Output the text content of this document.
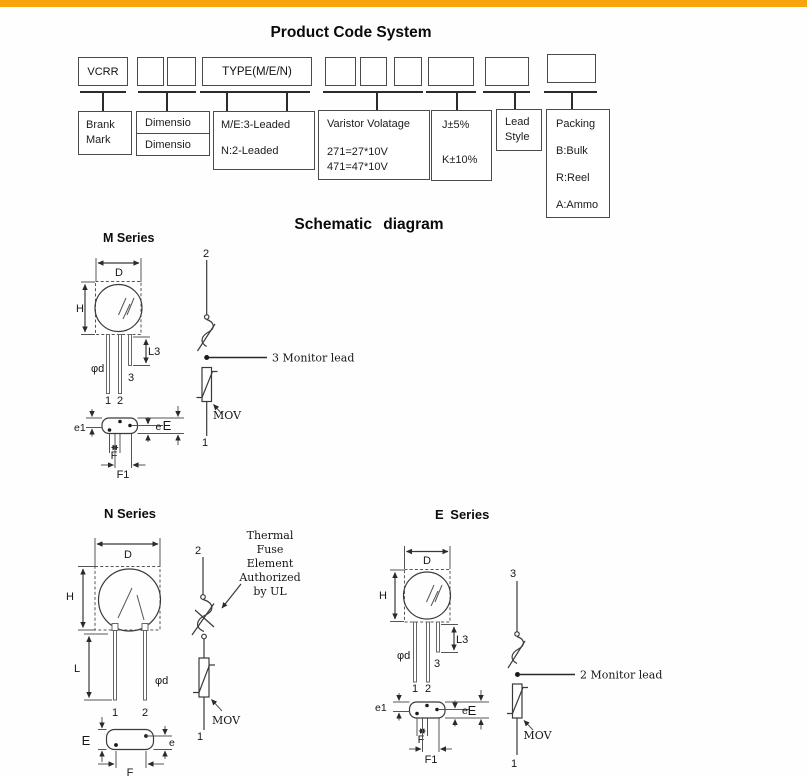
Product Code System
VCRR	TYPE(M/E/N)
Brank
Mark
Dimensio
Dimensio
M/E:3-Leaded
N:2-Leaded
Varistor Volatage
271=27*10V
471=47*10V
J±5%
K±10%
Lead
Style
Packing
B:Bulk
R:Reel
A:Ammo
Schematic diagram
M Series
N Series	E Series
D
H
L3
φd
3
1 2
e1	e E
F
F1
2
3 Monitor lead
MOV
1
D
H
L
φd
1 2
E	e
F
2
MOV
1
Thermal
Fuse
Element
Authorized
by UL
D
H
L3
φd
3
1 2
e1	e E
F
F1
3
2 Monitor lead
MOV
1
